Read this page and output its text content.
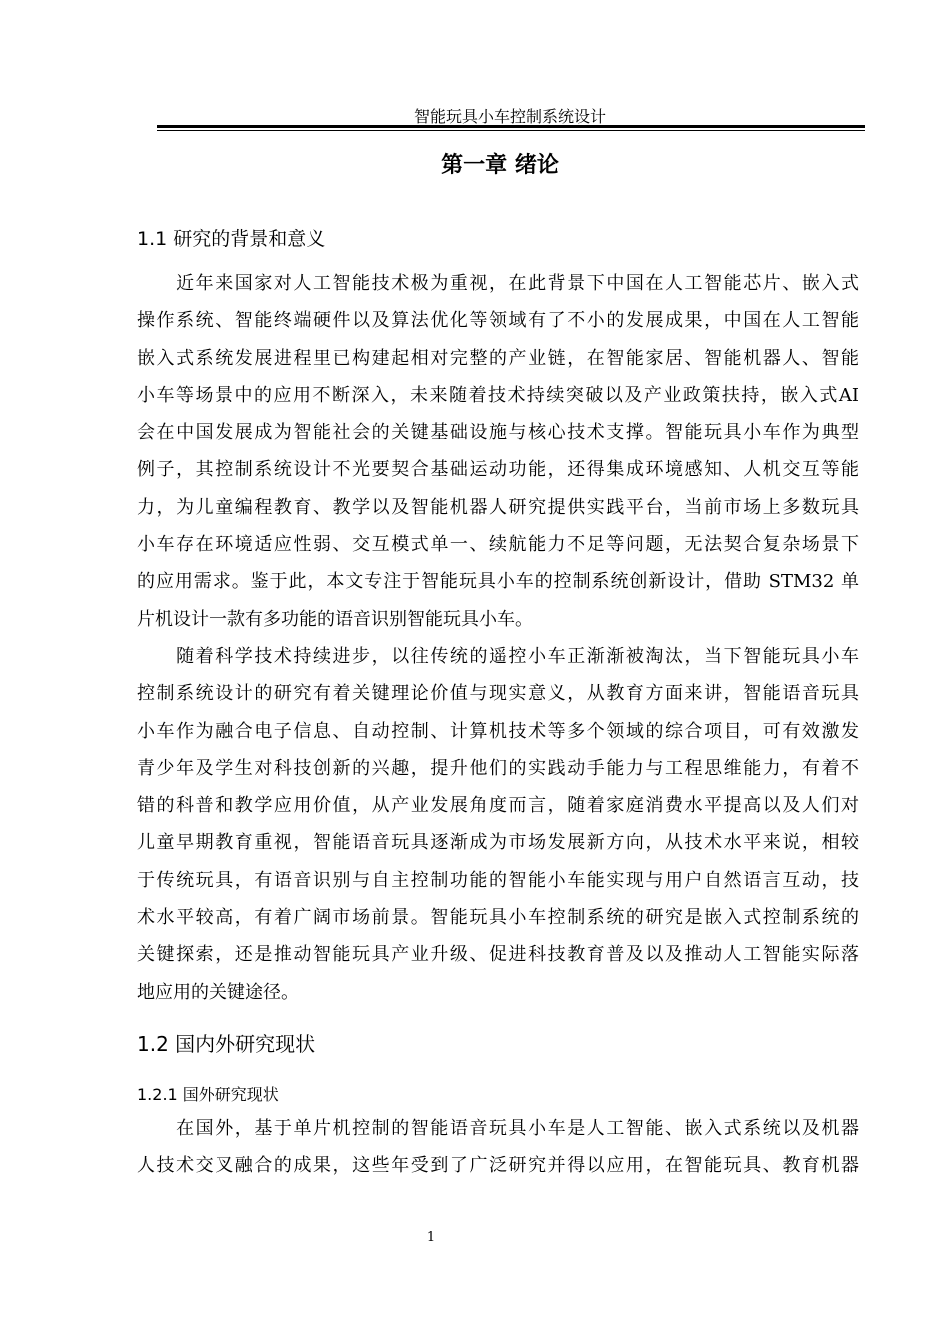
智能玩具小车控制系统设计
第一章 绪论
1.1 研究的背景和意义
　　近年来国家对人工智能技术极为重视，在此背景下中国在人工智能芯片、嵌入式
操作系统、智能终端硬件以及算法优化等领域有了不小的发展成果，中国在人工智能
嵌入式系统发展进程里已构建起相对完整的产业链，在智能家居、智能机器人、智能
小车等场景中的应用不断深入，未来随着技术持续突破以及产业政策扶持，嵌入式AI
会在中国发展成为智能社会的关键基础设施与核心技术支撑。智能玩具小车作为典型
例子，其控制系统设计不光要契合基础运动功能，还得集成环境感知、人机交互等能
力，为儿童编程教育、教学以及智能机器人研究提供实践平台，当前市场上多数玩具
小车存在环境适应性弱、交互模式单一、续航能力不足等问题，无法契合复杂场景下
的应用需求。鉴于此，本文专注于智能玩具小车的控制系统创新设计，借助 STM32 单
片机设计一款有多功能的语音识别智能玩具小车。
　　随着科学技术持续进步，以往传统的遥控小车正渐渐被淘汰，当下智能玩具小车
控制系统设计的研究有着关键理论价值与现实意义，从教育方面来讲，智能语音玩具
小车作为融合电子信息、自动控制、计算机技术等多个领域的综合项目，可有效激发
青少年及学生对科技创新的兴趣，提升他们的实践动手能力与工程思维能力，有着不
错的科普和教学应用价值，从产业发展角度而言，随着家庭消费水平提高以及人们对
儿童早期教育重视，智能语音玩具逐渐成为市场发展新方向，从技术水平来说，相较
于传统玩具，有语音识别与自主控制功能的智能小车能实现与用户自然语言互动，技
术水平较高，有着广阔市场前景。智能玩具小车控制系统的研究是嵌入式控制系统的
关键探索，还是推动智能玩具产业升级、促进科技教育普及以及推动人工智能实际落
地应用的关键途径。
1.2 国内外研究现状
1.2.1 国外研究现状
　　在国外，基于单片机控制的智能语音玩具小车是人工智能、嵌入式系统以及机器
人技术交叉融合的成果，这些年受到了广泛研究并得以应用，在智能玩具、教育机器
1
